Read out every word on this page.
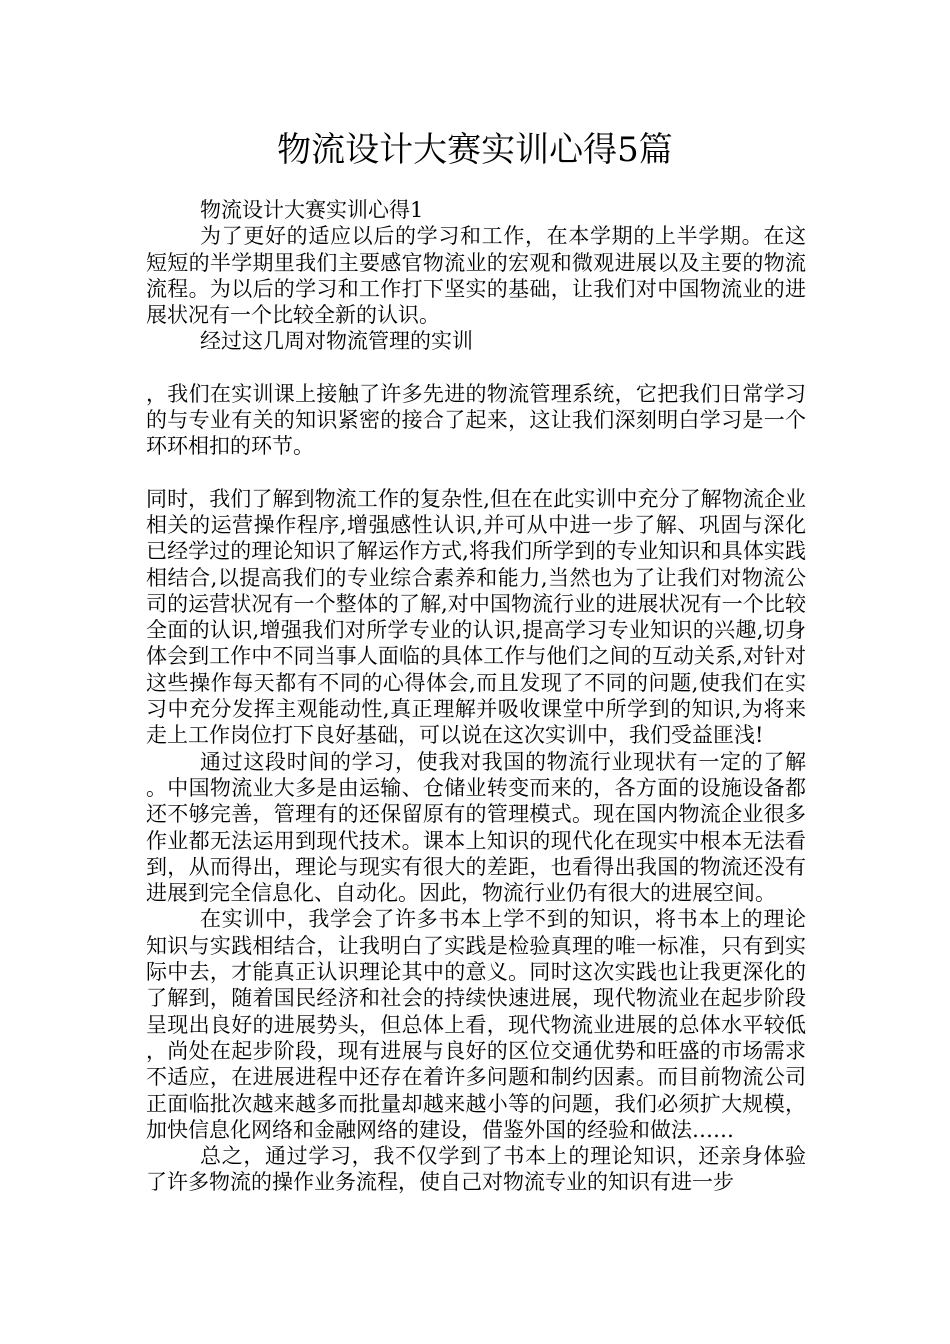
物流设计大赛实训心得5篇

物流设计大赛实训心得1

为了更好的适应以后的学习和工作，在本学期的上半学期。在这短短的半学期里我们主要感官物流业的宏观和微观进展以及主要的物流流程。为以后的学习和工作打下坚实的基础，让我们对中国物流业的进展状况有一个比较全新的认识。

经过这几周对物流管理的实训

，我们在实训课上接触了许多先进的物流管理系统，它把我们日常学习的与专业有关的知识紧密的接合了起来，这让我们深刻明白学习是一个环环相扣的环节。

同时，我们了解到物流工作的复杂性,但在在此实训中充分了解物流企业相关的运营操作程序,增强感性认识,并可从中进一步了解、巩固与深化已经学过的理论知识了解运作方式,将我们所学到的专业知识和具体实践相结合,以提高我们的专业综合素养和能力,当然也为了让我们对物流公司的运营状况有一个整体的了解,对中国物流行业的进展状况有一个比较全面的认识,增强我们对所学专业的认识,提高学习专业知识的兴趣,切身体会到工作中不同当事人面临的具体工作与他们之间的互动关系,对针对这些操作每天都有不同的心得体会,而且发现了不同的问题,使我们在实习中充分发挥主观能动性,真正理解并吸收课堂中所学到的知识,为将来走上工作岗位打下良好基础，可以说在这次实训中，我们受益匪浅!

通过这段时间的学习，使我对我国的物流行业现状有一定的了解。中国物流业大多是由运输、仓储业转变而来的，各方面的设施设备都还不够完善，管理有的还保留原有的管理模式。现在国内物流企业很多作业都无法运用到现代技术。课本上知识的现代化在现实中根本无法看到，从而得出，理论与现实有很大的差距，也看得出我国的物流还没有进展到完全信息化、自动化。因此，物流行业仍有很大的进展空间。

在实训中，我学会了许多书本上学不到的知识，将书本上的理论知识与实践相结合，让我明白了实践是检验真理的唯一标准，只有到实际中去，才能真正认识理论其中的意义。同时这次实践也让我更深化的了解到，随着国民经济和社会的持续快速进展，现代物流业在起步阶段呈现出良好的进展势头，但总体上看，现代物流业进展的总体水平较低，尚处在起步阶段，现有进展与良好的区位交通优势和旺盛的市场需求不适应，在进展进程中还存在着许多问题和制约因素。而目前物流公司正面临批次越来越多而批量却越来越小等的问题，我们必须扩大规模，加快信息化网络和金融网络的建设，借鉴外国的经验和做法……

总之，通过学习，我不仅学到了书本上的理论知识，还亲身体验了许多物流的操作业务流程，使自己对物流专业的知识有进一步
